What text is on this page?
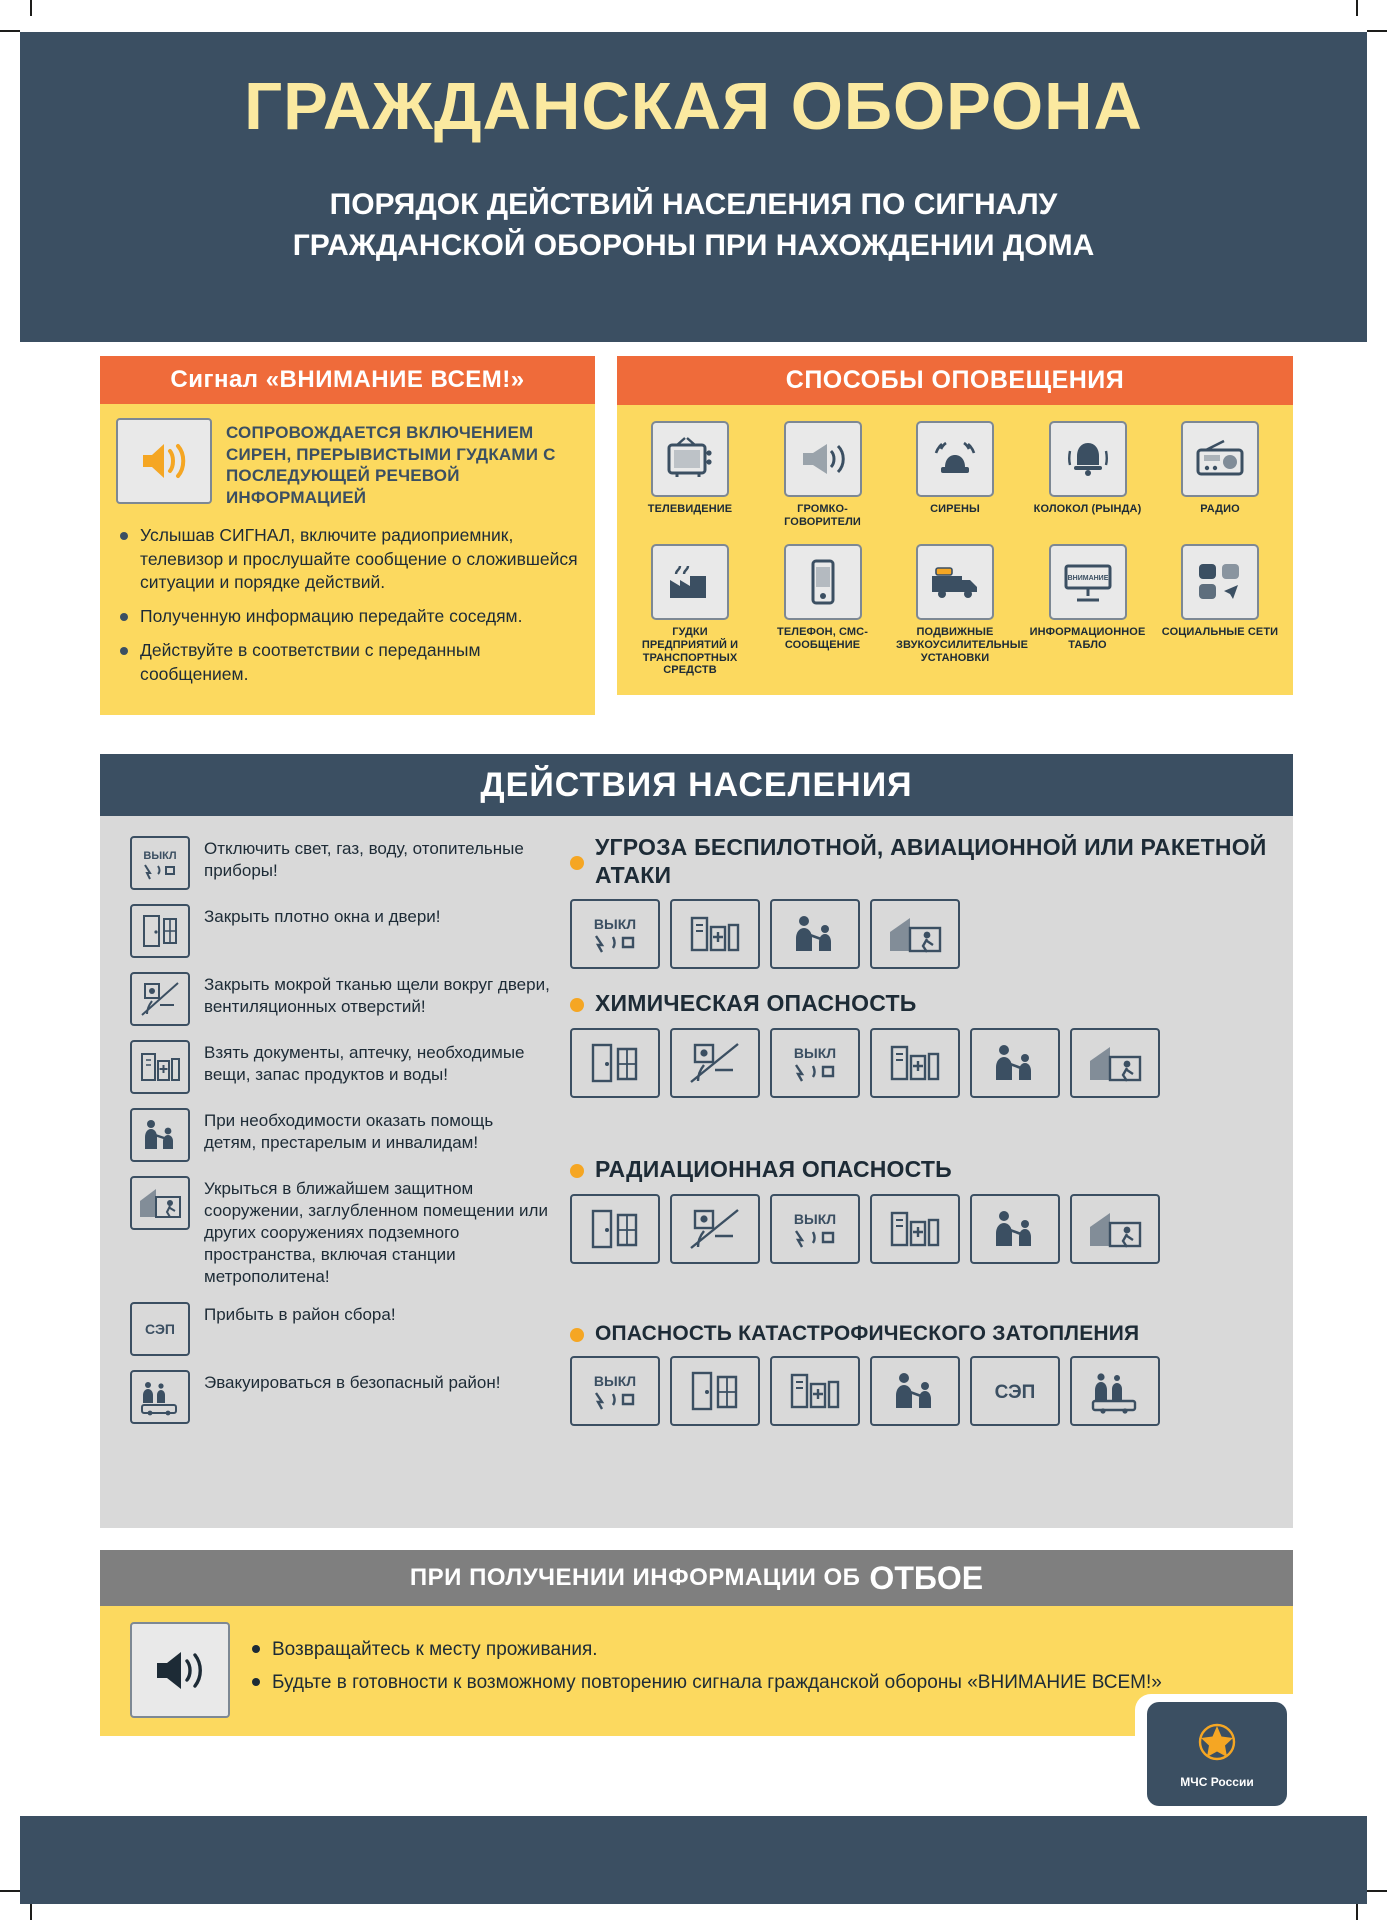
ГРАЖДАНСКАЯ ОБОРОНА
ПОРЯДОК ДЕЙСТВИЙ НАСЕЛЕНИЯ ПО СИГНАЛУ
ГРАЖДАНСКОЙ ОБОРОНЫ ПРИ НАХОЖДЕНИИ ДОМА
Сигнал «ВНИМАНИЕ ВСЕМ!»
СОПРОВОЖДАЕТСЯ ВКЛЮЧЕНИЕМ СИРЕН, ПРЕРЫВИСТЫМИ ГУДКАМИ С ПОСЛЕДУЮЩЕЙ РЕЧЕВОЙ ИНФОРМАЦИЕЙ
Услышав СИГНАЛ, включите радиоприемник, телевизор и прослушайте сообщение о сложившейся ситуации и порядке действий.
Полученную информацию передайте соседям.
Действуйте в соответствии с переданным сообщением.
СПОСОБЫ ОПОВЕЩЕНИЯ
ТЕЛЕВИДЕНИЕ	ГРОМКО-ГОВОРИТЕЛИ
СИРЕНЫ	КОЛОКОЛ (РЫНДА)	РАДИО
ГУДКИ ПРЕДПРИЯТИЙ И ТРАНСПОРТНЫХ СРЕДСТВ
ТЕЛЕФОН, СМС-СООБЩЕНИЕ
ПОДВИЖНЫЕ ЗВУКОУСИЛИТЕЛЬНЫЕ УСТАНОВКИ
ВНИМАНИЕ
ИНФОРМАЦИОННОЕ ТАБЛО
СОЦИАЛЬНЫЕ СЕТИ
ДЕЙСТВИЯ НАСЕЛЕНИЯ
ВЫКЛ Отключить свет, газ, воду, отопительные приборы!
Закрыть плотно окна и двери!
Закрыть мокрой тканью щели вокруг двери, вентиляционных отверстий!
Взять документы, аптечку, необходимые вещи, запас продуктов и воды!
При необходимости оказать помощь детям, престарелым и инвалидам!
Укрыться в ближайшем защитном сооружении, заглубленном помещении или других сооружениях подземного пространства, включая станции метрополитена!
СЭП
Прибыть в район сбора!
Эвакуироваться в безопасный район!
УГРОЗА БЕСПИЛОТНОЙ, АВИАЦИОННОЙ ИЛИ РАКЕТНОЙ АТАКИ
ВЫКЛ
ХИМИЧЕСКАЯ ОПАСНОСТЬ
ВЫКЛ
РАДИАЦИОННАЯ ОПАСНОСТЬ
ВЫКЛ
ОПАСНОСТЬ КАТАСТРОФИЧЕСКОГО ЗАТОПЛЕНИЯ
ВЫКЛ
СЭП
ПРИ ПОЛУЧЕНИИ ИНФОРМАЦИИ ОБ ОТБОЕ
Возвращайтесь к месту проживания.
Будьте в готовности к возможному повторению сигнала гражданской обороны «ВНИМАНИЕ ВСЕМ!»
МЧС России
